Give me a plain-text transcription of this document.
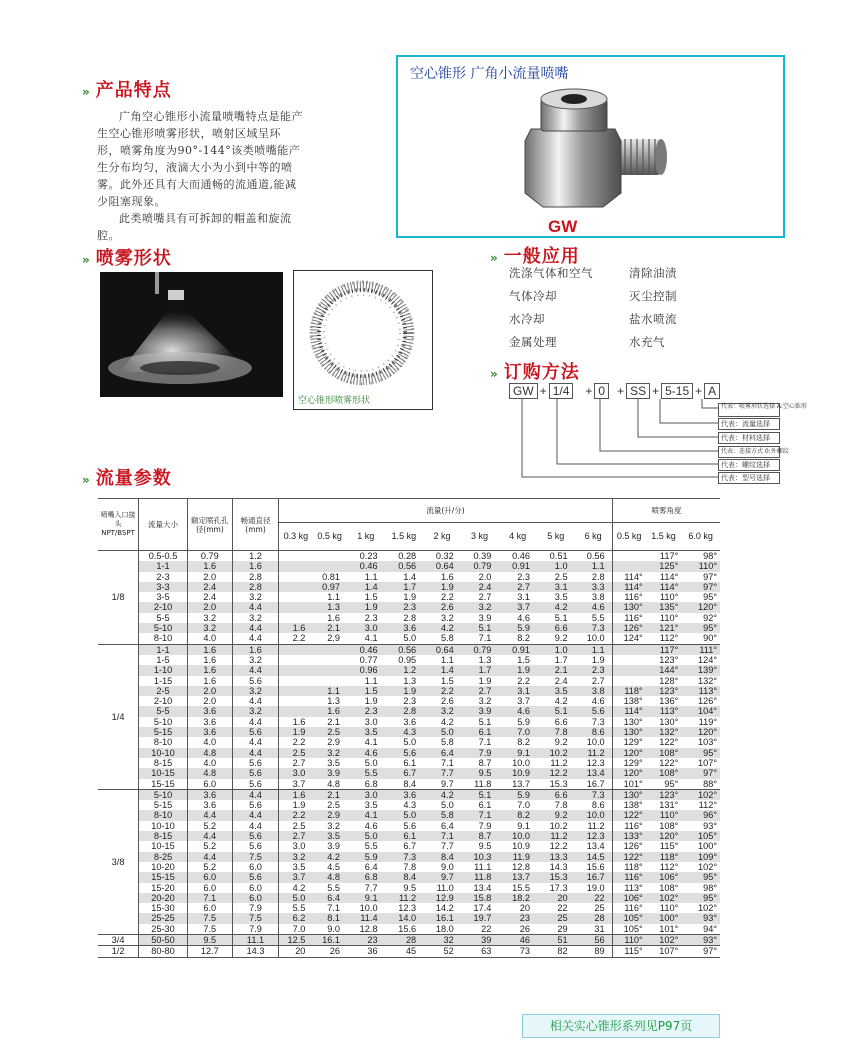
» 产品特点

广角空心锥形小流量喷嘴特点是能产生空心锥形喷雾形状，喷射区域呈环形，喷雾角度为90°-144°该类喷嘴能产生分布均匀，液滴大小为小到中等的喷雾。此外还具有大而通畅的流通道,能减少阻塞现象。

此类喷嘴具有可拆卸的帽盖和旋流腔。

空心锥形 广角小流量喷嘴
GW
» 喷雾形状
空心锥形喷雾形状
» 一般应用
洗涤气体和空气	清除油渍
气体冷却	灭尘控制
水冷却	盐水喷流
金属处理	水充气
» 订购方法
GW + 1/4	+ 0	+ SS + 5-15 + A
代表：喷雾形状选择 A:空心锥形
代表：流量选择
代表：材料选择
代表：连接方式 0:外螺纹
代表：螺纹选择
代表：型号选择
» 流量参数
喷嘴入口接头NPT/BSPT	流量大小	额定喷孔孔径(mm)	畅通直径(mm)	流量(升/分)									喷雾角度		
				0.3 kg	0.5 kg	1 kg	1.5 kg	2 kg	3 kg	4 kg	5 kg	6 kg	0.5 kg	1.5 kg	6.0 kg
1/8	0.5-0.5	0.79	1.2			0.23	0.28	0.32	0.39	0.46	0.51	0.56		117°	98°
	1-1	1.6	1.6			0.46	0.56	0.64	0.79	0.91	1.0	1.1		125°	110°
	2-3	2.0	2.8		0.81	1.1	1.4	1.6	2.0	2.3	2.5	2.8	114°	114°	97°
	3-3	2.4	2.8		0.97	1.4	1.7	1.9	2.4	2.7	3.1	3.3	114°	114°	97°
	3-5	2.4	3.2		1.1	1.5	1.9	2.2	2.7	3.1	3.5	3.8	116°	110°	95°
	2-10	2.0	4.4		1.3	1.9	2.3	2.6	3.2	3.7	4.2	4.6	130°	135°	120°
	5-5	3.2	3.2		1.6	2.3	2.8	3.2	3.9	4.6	5.1	5.5	116°	110°	92°
	5-10	3.2	4.4	1.6	2.1	3.0	3.6	4.2	5.1	5.9	6.6	7.3	126°	121°	95°
	8-10	4.0	4.4	2.2	2.9	4.1	5.0	5.8	7.1	8.2	9.2	10.0	124°	112°	90°
1/4	1-1	1.6	1.6			0.46	0.56	0.64	0.79	0.91	1.0	1.1		117°	111°
	1-5	1.6	3.2			0.77	0.95	1.1	1.3	1.5	1.7	1.9		123°	124°
	1-10	1.6	4.4			0.96	1.2	1.4	1.7	1.9	2.1	2.3		144°	139°
	1-15	1.6	5.6			1.1	1.3	1.5	1.9	2.2	2.4	2.7		128°	132°
	2-5	2.0	3.2		1.1	1.5	1.9	2.2	2.7	3.1	3.5	3.8	118°	123°	113°
	2-10	2.0	4.4		1.3	1.9	2.3	2.6	3.2	3.7	4.2	4.6	138°	136°	126°
	5-5	3.6	3.2		1.6	2.3	2.8	3.2	3.9	4.6	5.1	5.6	114°	113°	104°
	5-10	3.6	4.4	1.6	2.1	3.0	3.6	4.2	5.1	5.9	6.6	7.3	130°	130°	119°
	5-15	3.6	5.6	1.9	2.5	3.5	4.3	5.0	6.1	7.0	7.8	8.6	130°	132°	120°
	8-10	4.0	4.4	2.2	2.9	4.1	5.0	5.8	7.1	8.2	9.2	10.0	129°	122°	103°
	10-10	4.8	4.4	2.5	3.2	4.6	5.6	6.4	7.9	9.1	10.2	11.2	120°	108°	95°
	8-15	4.0	5.6	2.7	3.5	5.0	6.1	7.1	8.7	10.0	11.2	12.3	129°	122°	107°
	10-15	4.8	5.6	3.0	3.9	5.5	6.7	7.7	9.5	10.9	12.2	13.4	120°	108°	97°
	15-15	6.0	5.6	3.7	4.8	6.8	8.4	9.7	11.8	13.7	15.3	16.7	101°	95°	88°
3/8	5-10	3.6	4.4	1.6	2.1	3.0	3.6	4.2	5.1	5.9	6.6	7.3	130°	123°	102°
	5-15	3.6	5.6	1.9	2.5	3.5	4.3	5.0	6.1	7.0	7.8	8.6	138°	131°	112°
	8-10	4.4	4.4	2.2	2.9	4.1	5.0	5.8	7.1	8.2	9.2	10.0	122°	110°	96°
	10-10	5.2	4.4	2.5	3.2	4.6	5.6	6.4	7.9	9.1	10.2	11.2	116°	108°	93°
	8-15	4.4	5.6	2.7	3.5	5.0	6.1	7.1	8.7	10.0	11.2	12.3	133°	120°	105°
	10-15	5.2	5.6	3.0	3.9	5.5	6.7	7.7	9.5	10.9	12.2	13.4	126°	115°	100°
	8-25	4.4	7.5	3.2	4.2	5.9	7.3	8.4	10.3	11.9	13.3	14.5	122°	118°	109°
	10-20	5.2	6.0	3.5	4.5	6.4	7.8	9.0	11.1	12.8	14.3	15.6	118°	112°	102°
	15-15	6.0	5.6	3.7	4.8	6.8	8.4	9.7	11.8	13.7	15.3	16.7	116°	106°	95°
	15-20	6.0	6.0	4.2	5.5	7.7	9.5	11.0	13.4	15.5	17.3	19.0	113°	108°	98°
	20-20	7.1	6.0	5.0	6.4	9.1	11.2	12.9	15.8	18.2	20	22	106°	102°	95°
	15-30	6.0	7.9	5.5	7.1	10.0	12.3	14.2	17.4	20	22	25	116°	110°	102°
	25-25	7.5	7.5	6.2	8.1	11.4	14.0	16.1	19.7	23	25	28	105°	100°	93°
	25-30	7.5	7.9	7.0	9.0	12.8	15.6	18.0	22	26	29	31	105°	101°	94°
3/4	50-50	9.5	11.1	12.5	16.1	23	28	32	39	46	51	56	110°	102°	93°
1/2	80-80	12.7	14.3	20	26	36	45	52	63	73	82	89	115°	107°	97°
相关实心锥形系列见P97页
